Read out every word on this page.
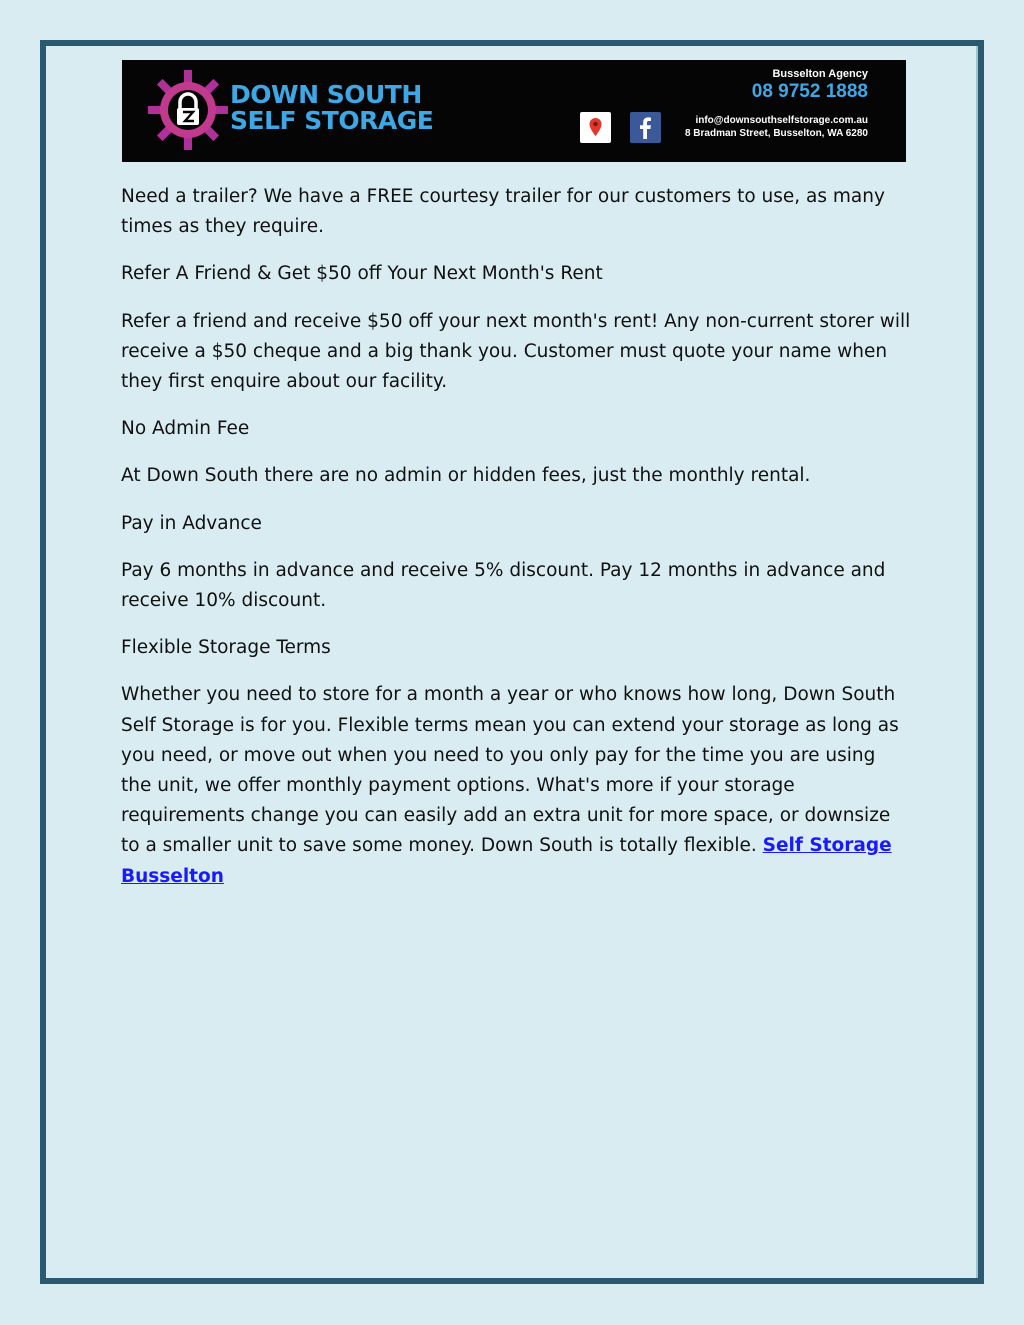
DOWN SOUTH
SELF STORAGE
Busselton Agency
08 9752 1888
info@downsouthselfstorage.com.au
8 Bradman Street, Busselton, WA 6280

Need a trailer? We have a FREE courtesy trailer for our customers to use, as many times as they require.

Refer A Friend & Get $50 off Your Next Month's Rent

Refer a friend and receive $50 off your next month's rent! Any non-current storer will receive a $50 cheque and a big thank you. Customer must quote your name when they first enquire about our facility.

No Admin Fee

At Down South there are no admin or hidden fees, just the monthly rental.

Pay in Advance

Pay 6 months in advance and receive 5% discount. Pay 12 months in advance and receive 10% discount.

Flexible Storage Terms

Whether you need to store for a month a year or who knows how long, Down South Self Storage is for you. Flexible terms mean you can extend your storage as long as you need, or move out when you need to you only pay for the time you are using the unit, we offer monthly payment options. What's more if your storage requirements change you can easily add an extra unit for more space, or downsize to a smaller unit to save some money. Down South is totally flexible. Self Storage Busselton
